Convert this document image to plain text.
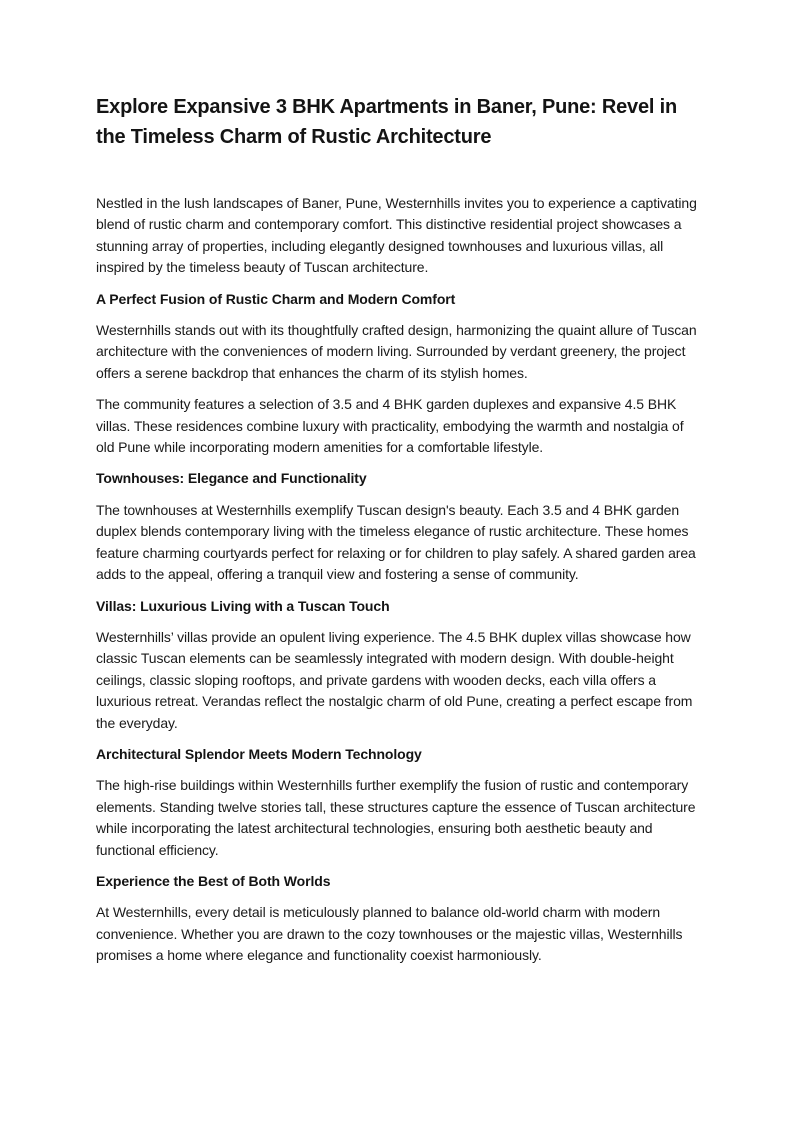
Explore Expansive 3 BHK Apartments in Baner, Pune: Revel in the Timeless Charm of Rustic Architecture

Nestled in the lush landscapes of Baner, Pune, Westernhills invites you to experience a captivating blend of rustic charm and contemporary comfort. This distinctive residential project showcases a stunning array of properties, including elegantly designed townhouses and luxurious villas, all inspired by the timeless beauty of Tuscan architecture.

A Perfect Fusion of Rustic Charm and Modern Comfort

Westernhills stands out with its thoughtfully crafted design, harmonizing the quaint allure of Tuscan architecture with the conveniences of modern living. Surrounded by verdant greenery, the project offers a serene backdrop that enhances the charm of its stylish homes.

The community features a selection of 3.5 and 4 BHK garden duplexes and expansive 4.5 BHK villas. These residences combine luxury with practicality, embodying the warmth and nostalgia of old Pune while incorporating modern amenities for a comfortable lifestyle.

Townhouses: Elegance and Functionality

The townhouses at Westernhills exemplify Tuscan design's beauty. Each 3.5 and 4 BHK garden duplex blends contemporary living with the timeless elegance of rustic architecture. These homes feature charming courtyards perfect for relaxing or for children to play safely. A shared garden area adds to the appeal, offering a tranquil view and fostering a sense of community.

Villas: Luxurious Living with a Tuscan Touch

Westernhills’ villas provide an opulent living experience. The 4.5 BHK duplex villas showcase how classic Tuscan elements can be seamlessly integrated with modern design. With double-height ceilings, classic sloping rooftops, and private gardens with wooden decks, each villa offers a luxurious retreat. Verandas reflect the nostalgic charm of old Pune, creating a perfect escape from the everyday.

Architectural Splendor Meets Modern Technology

The high-rise buildings within Westernhills further exemplify the fusion of rustic and contemporary elements. Standing twelve stories tall, these structures capture the essence of Tuscan architecture while incorporating the latest architectural technologies, ensuring both aesthetic beauty and functional efficiency.

Experience the Best of Both Worlds

At Westernhills, every detail is meticulously planned to balance old-world charm with modern convenience. Whether you are drawn to the cozy townhouses or the majestic villas, Westernhills promises a home where elegance and functionality coexist harmoniously.
